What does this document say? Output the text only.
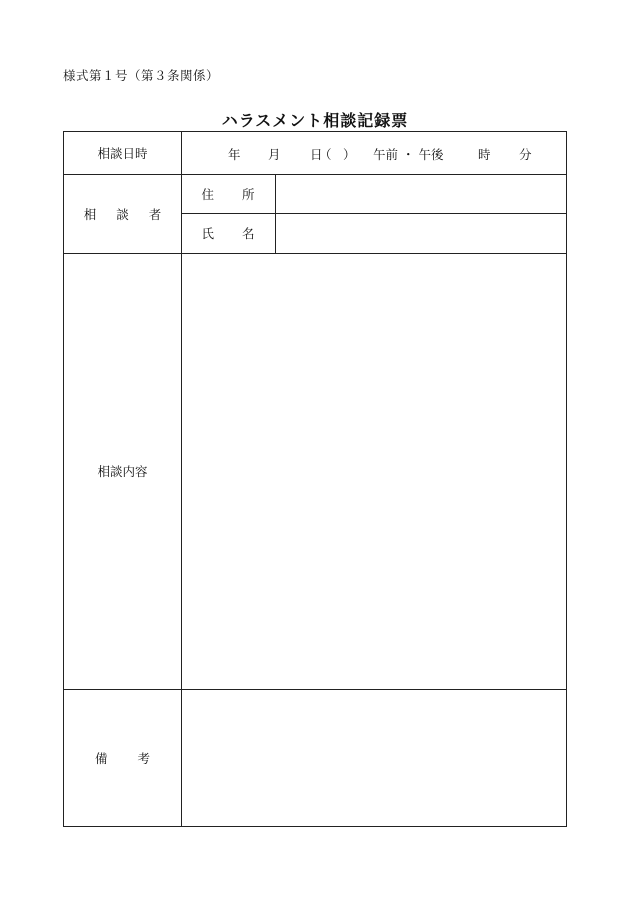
様式第１号（第３条関係）
ハラスメント相談記録票
相談日時	年 月 日
（ ） 午前 ・ 午後	時 分
相 談 者
住 所
氏 名
相談内容
備 考
